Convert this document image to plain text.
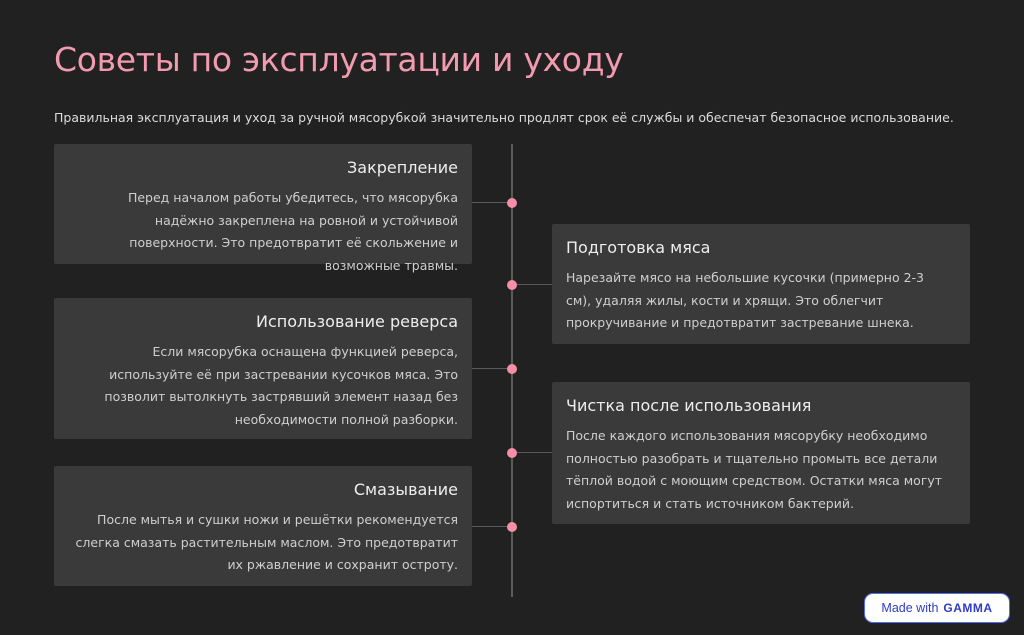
Советы по эксплуатации и уходу

Правильная эксплуатация и уход за ручной мясорубкой значительно продлят срок её службы и обеспечат безопасное использование.

Закрепление
Перед началом работы убедитесь, что мясорубка надёжно закреплена на ровной и устойчивой поверхности. Это предотвратит её скольжение и возможные травмы.
Подготовка мяса
Нарезайте мясо на небольшие кусочки (примерно 2-3 см), удаляя жилы, кости и хрящи. Это облегчит прокручивание и предотвратит застревание шнека.
Использование реверса
Если мясорубка оснащена функцией реверса, используйте её при застревании кусочков мяса. Это позволит вытолкнуть застрявший элемент назад без необходимости полной разборки.
Чистка после использования
После каждого использования мясорубку необходимо полностью разобрать и тщательно промыть все детали тёплой водой с моющим средством. Остатки мяса могут испортиться и стать источником бактерий.
Смазывание
После мытья и сушки ножи и решётки рекомендуется слегка смазать растительным маслом. Это предотвратит их ржавление и сохранит остроту.
Made with GAMMA
